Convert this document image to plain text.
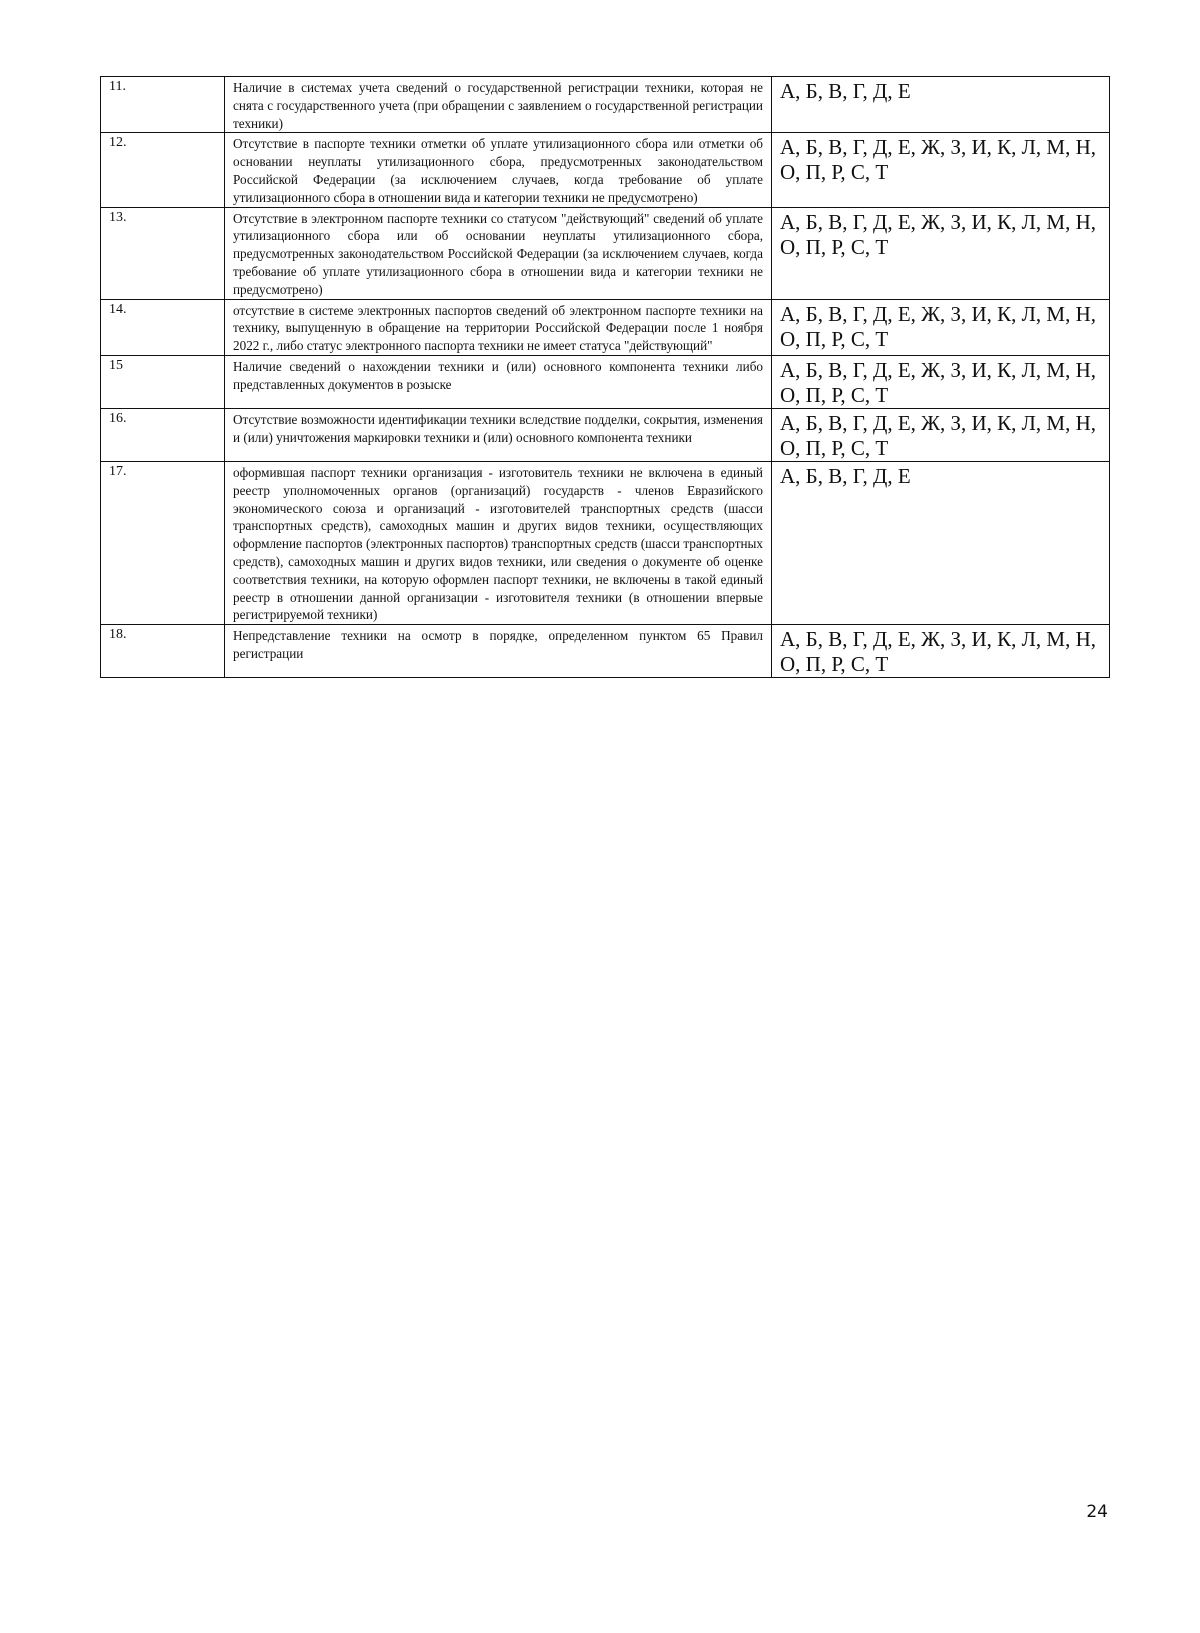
11.	Наличие в системах учета сведений о государственной регистрации техники, которая не снята с государственного учета (при обращении с заявлением о государственной регистрации техники)	А, Б, В, Г, Д, Е
12.	Отсутствие в паспорте техники отметки об уплате утилизационного сбора или отметки об основании неуплаты утилизационного сбора, предусмотренных законодательством Российской Федерации (за исключением случаев, когда требование об уплате утилизационного сбора в отношении вида и категории техники не предусмотрено)	А, Б, В, Г, Д, Е, Ж, З, И, К, Л, М, Н, О, П, Р, С, Т
13.	Отсутствие в электронном паспорте техники со статусом "действующий" сведений об уплате утилизационного сбора или об основании неуплаты утилизационного сбора, предусмотренных законодательством Российской Федерации (за исключением случаев, когда требование об уплате утилизационного сбора в отношении вида и категории техники не предусмотрено)	А, Б, В, Г, Д, Е, Ж, З, И, К, Л, М, Н, О, П, Р, С, Т
14.	отсутствие в системе электронных паспортов сведений об электронном паспорте техники на технику, выпущенную в обращение на территории Российской Федерации после 1 ноября 2022 г., либо статус электронного паспорта техники не имеет статуса "действующий"	А, Б, В, Г, Д, Е, Ж, З, И, К, Л, М, Н, О, П, Р, С, Т
15	Наличие сведений о нахождении техники и (или) основного компонента техники либо представленных документов в розыске	А, Б, В, Г, Д, Е, Ж, З, И, К, Л, М, Н, О, П, Р, С, Т
16.	Отсутствие возможности идентификации техники вследствие подделки, сокрытия, изменения и (или) уничтожения маркировки техники и (или) основного компонента техники	А, Б, В, Г, Д, Е, Ж, З, И, К, Л, М, Н, О, П, Р, С, Т
17.	оформившая паспорт техники организация - изготовитель техники не включена в единый реестр уполномоченных органов (организаций) государств - членов Евразийского экономического союза и организаций - изготовителей транспортных средств (шасси транспортных средств), самоходных машин и других видов техники, осуществляющих оформление паспортов (электронных паспортов) транспортных средств (шасси транспортных средств), самоходных машин и других видов техники, или сведения о документе об оценке соответствия техники, на которую оформлен паспорт техники, не включены в такой единый реестр в отношении данной организации - изготовителя техники (в отношении впервые регистрируемой техники)	А, Б, В, Г, Д, Е
18.	Непредставление техники на осмотр в порядке, определенном пунктом 65 Правил регистрации	А, Б, В, Г, Д, Е, Ж, З, И, К, Л, М, Н, О, П, Р, С, Т
24
